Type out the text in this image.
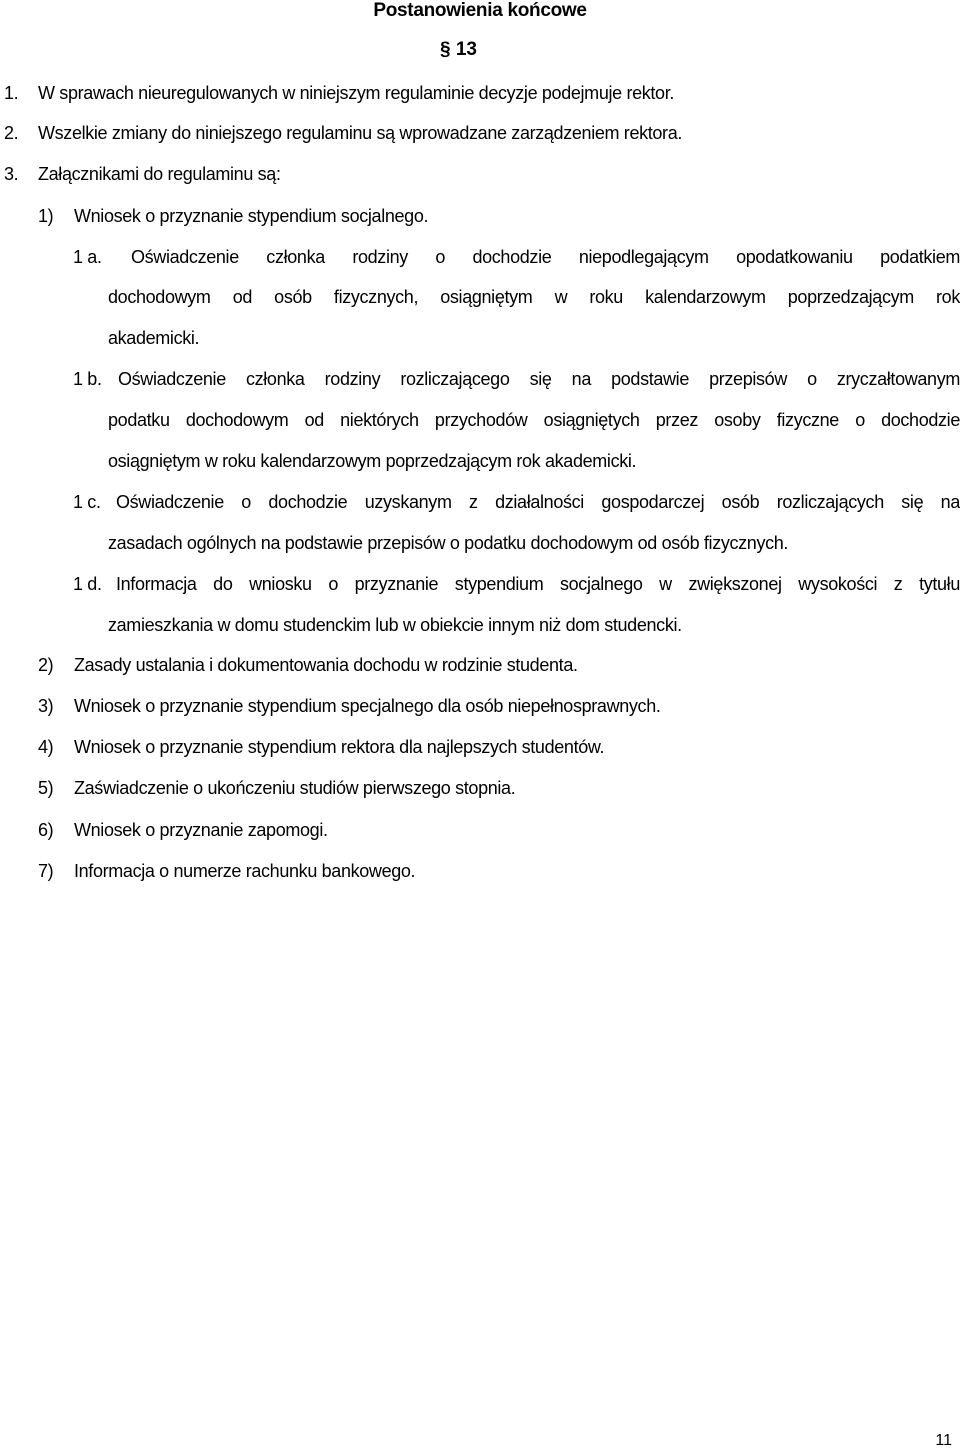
Postanowienia końcowe
§ 13
1. W sprawach nieuregulowanych w niniejszym regulaminie decyzje podejmuje rektor.
2. Wszelkie zmiany do niniejszego regulaminu są wprowadzane zarządzeniem rektora.
3. Załącznikami do regulaminu są:
1) Wniosek o przyznanie stypendium socjalnego.
1 a. Oświadczenie członka rodziny o dochodzie niepodlegającym opodatkowaniu podatkiem
dochodowym od osób fizycznych, osiągniętym w roku kalendarzowym poprzedzającym rok
akademicki.
1 b. Oświadczenie członka rodziny rozliczającego się na podstawie przepisów o zryczałtowanym
podatku dochodowym od niektórych przychodów osiągniętych przez osoby fizyczne o dochodzie
osiągniętym w roku kalendarzowym poprzedzającym rok akademicki.
1 c. Oświadczenie o dochodzie uzyskanym z działalności gospodarczej osób rozliczających się na
zasadach ogólnych na podstawie przepisów o podatku dochodowym od osób fizycznych.
1 d. Informacja do wniosku o przyznanie stypendium socjalnego w zwiększonej wysokości z tytułu
zamieszkania w domu studenckim lub w obiekcie innym niż dom studencki.
2) Zasady ustalania i dokumentowania dochodu w rodzinie studenta.
3) Wniosek o przyznanie stypendium specjalnego dla osób niepełnosprawnych.
4) Wniosek o przyznanie stypendium rektora dla najlepszych studentów.
5) Zaświadczenie o ukończeniu studiów pierwszego stopnia.
6) Wniosek o przyznanie zapomogi.
7) Informacja o numerze rachunku bankowego.
11
